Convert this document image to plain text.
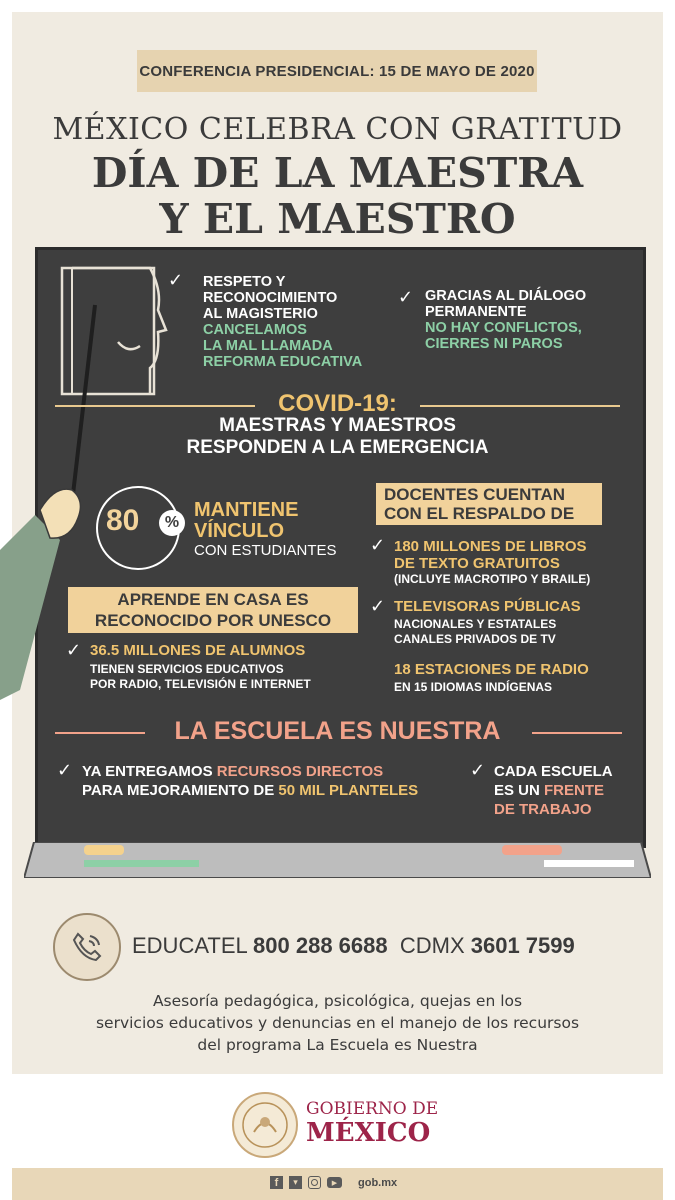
CONFERENCIA PRESIDENCIAL: 15 DE MAYO DE 2020
MÉXICO CELEBRA CON GRATITUD
DÍA DE LA MAESTRA
Y EL MAESTRO
✓ RESPETO Y
RECONOCIMIENTO
AL MAGISTERIO
CANCELAMOS
LA MAL LLAMADA
REFORMA EDUCATIVA
✓ GRACIAS AL DIÁLOGO
PERMANENTE
NO HAY CONFLICTOS,
CIERRES NI PAROS
COVID-19:
MAESTRAS Y MAESTROS
RESPONDEN A LA EMERGENCIA
80	%
MANTIENE
VÍNCULO
CON ESTUDIANTES
APRENDE EN CASA ES
RECONOCIDO POR UNESCO
✓ 36.5 MILLONES DE ALUMNOS
TIENEN SERVICIOS EDUCATIVOS
POR RADIO, TELEVISIÓN E INTERNET
DOCENTES CUENTAN
CON EL RESPALDO DE
✓ 180 MILLONES DE LIBROS
DE TEXTO GRATUITOS
(INCLUYE MACROTIPO Y BRAILE)
✓ TELEVISORAS PÚBLICAS
NACIONALES Y ESTATALES
CANALES PRIVADOS DE TV
18 ESTACIONES DE RADIO
EN 15 IDIOMAS INDÍGENAS
LA ESCUELA ES NUESTRA
✓ YA ENTREGAMOS RECURSOS DIRECTOS
PARA MEJORAMIENTO DE 50 MIL PLANTELES
✓ CADA ESCUELA
ES UN FRENTE
DE TRABAJO
EDUCATEL 800 288 6688 CDMX 3601 7599
Asesoría pedagógica, psicológica, quejas en los
servicios educativos y denuncias en el manejo de los recursos
del programa La Escuela es Nuestra
GOBIERNO DE
MÉXICO
f	▾	▶	gob.mx
